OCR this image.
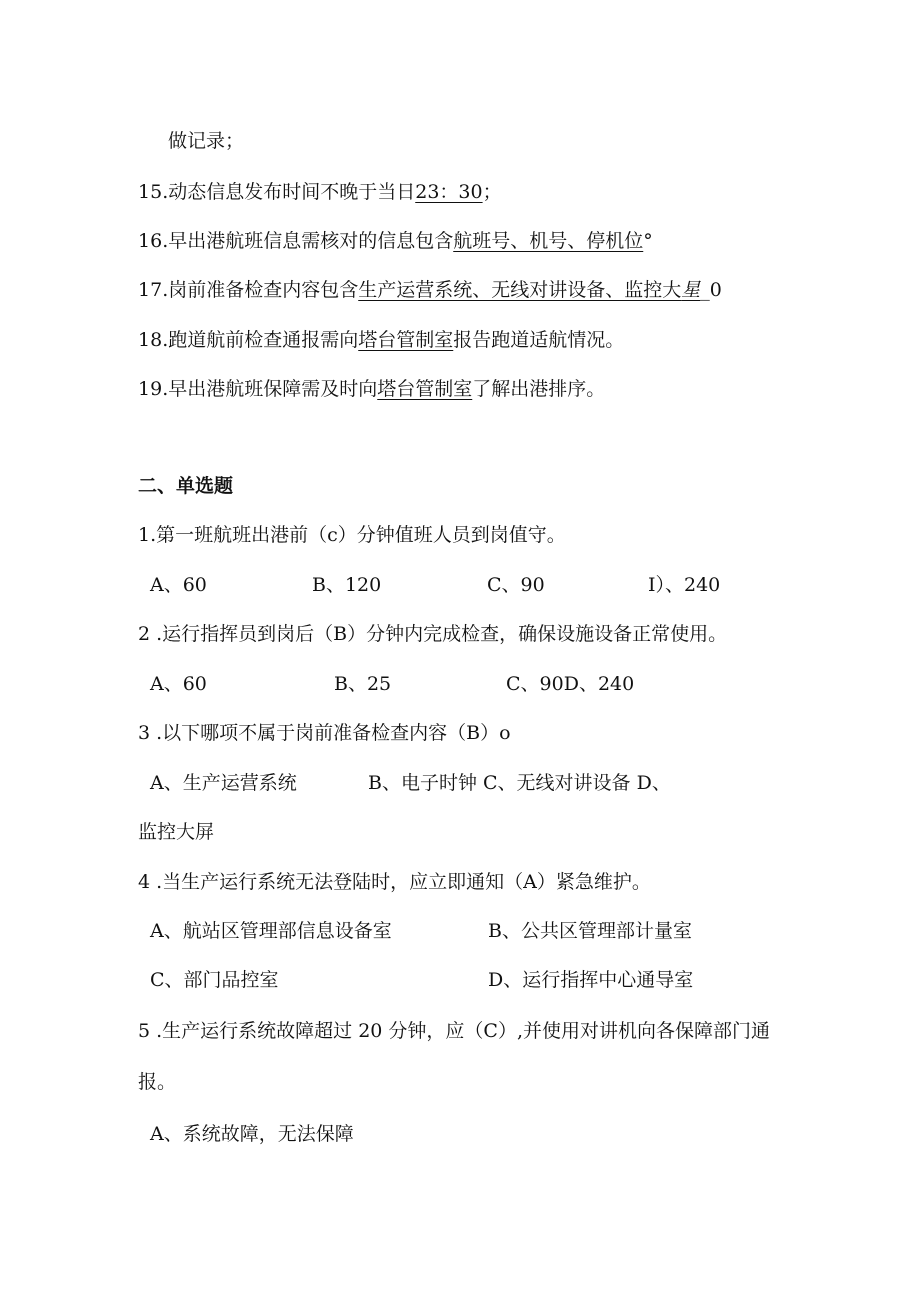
做记录；
15.动态信息发布时间不晚于当日23：30；
16.早出港航班信息需核对的信息包含航班号、机号、停机位°
17.岗前准备检查内容包含生产运营系统、无线对讲设备、监控大星_0
18.跑道航前检查通报需向塔台管制室报告跑道适航情况。
19.早出港航班保障需及时向塔台管制室了解出港排序。
二、单选题
1.第一班航班出港前（c）分钟值班人员到岗值守。
A、60	B、120	C、90	I）、240
2 .运行指挥员到岗后（B）分钟内完成检查，确保设施设备正常使用。
A、60	B、25	C、90D、240
3 .以下哪项不属于岗前准备检查内容（B）o
A、生产运营系统	B、电子时钟 C、无线对讲设备 D、
监控大屏
4 .当生产运行系统无法登陆时，应立即通知（A）紧急维护。
A、航站区管理部信息设备室	B、公共区管理部计量室
C、部门品控室	D、运行指挥中心通导室
5 .生产运行系统故障超过 20 分钟，应（C）,并使用对讲机向各保障部门通
报。
A、系统故障，无法保障
